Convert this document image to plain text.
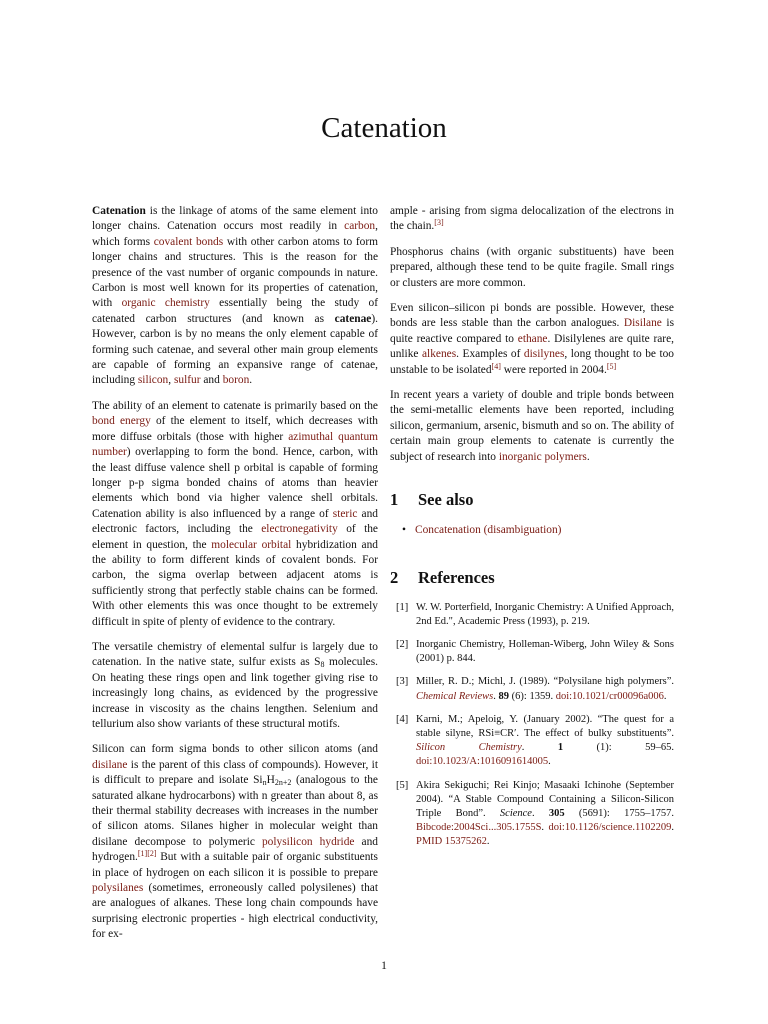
Catenation

Catenation is the linkage of atoms of the same element into longer chains. Catenation occurs most readily in carbon, which forms covalent bonds with other carbon atoms to form longer chains and structures. This is the reason for the presence of the vast number of organic compounds in nature. Carbon is most well known for its properties of catenation, with organic chemistry essentially being the study of catenated carbon structures (and known as catenae). However, carbon is by no means the only element capable of forming such catenae, and several other main group elements are capable of forming an expansive range of catenae, including silicon, sulfur and boron.

The ability of an element to catenate is primarily based on the bond energy of the element to itself, which decreases with more diffuse orbitals (those with higher azimuthal quantum number) overlapping to form the bond. Hence, carbon, with the least diffuse valence shell p orbital is capable of forming longer p-p sigma bonded chains of atoms than heavier elements which bond via higher valence shell orbitals. Catenation ability is also influenced by a range of steric and electronic factors, including the electronegativity of the element in question, the molecular orbital hybridization and the ability to form different kinds of covalent bonds. For carbon, the sigma overlap between adjacent atoms is sufficiently strong that perfectly stable chains can be formed. With other elements this was once thought to be extremely difficult in spite of plenty of evidence to the contrary.

The versatile chemistry of elemental sulfur is largely due to catenation. In the native state, sulfur exists as $S_8$ molecules. On heating these rings open and link together giving rise to increasingly long chains, as evidenced by the progressive increase in viscosity as the chains lengthen. Selenium and tellurium also show variants of these structural motifs.

Silicon can form sigma bonds to other silicon atoms (and disilane is the parent of this class of compounds). However, it is difficult to prepare and isolate $Si_nH_{2n+2}$ (analogous to the saturated alkane hydrocarbons) with n greater than about 8, as their thermal stability decreases with increases in the number of silicon atoms. Silanes higher in molecular weight than disilane decompose to polymeric polysilicon hydride and hydrogen.[1][2] But with a suitable pair of organic substituents in place of hydrogen on each silicon it is possible to prepare polysilanes (sometimes, erroneously called polysilenes) that are analogues of alkanes. These long chain compounds have surprising electronic properties - high electrical conductivity, for ex-

ample - arising from sigma delocalization of the electrons in the chain.[3]

Phosphorus chains (with organic substituents) have been prepared, although these tend to be quite fragile. Small rings or clusters are more common.

Even silicon–silicon pi bonds are possible. However, these bonds are less stable than the carbon analogues. Disilane is quite reactive compared to ethane. Disilylenes are quite rare, unlike alkenes. Examples of disilynes, long thought to be too unstable to be isolated[4] were reported in 2004.[5]

In recent years a variety of double and triple bonds between the semi-metallic elements have been reported, including silicon, germanium, arsenic, bismuth and so on. The ability of certain main group elements to catenate is currently the subject of research into inorganic polymers.

1 See also
• Concatenation (disambiguation)
2 References
[1] W. W. Porterfield, Inorganic Chemistry: A Unified Approach, 2nd Ed.", Academic Press (1993), p. 219.
[2] Inorganic Chemistry, Holleman-Wiberg, John Wiley & Sons (2001) p. 844.
[3] Miller, R. D.; Michl, J. (1989). “Polysilane high polymers”. Chemical Reviews. 89 (6): 1359. doi:10.1021/cr00096a006.
[4] Karni, M.; Apeloig, Y. (January 2002). “The quest for a stable silyne, RSi≡CR′. The effect of bulky substituents”. Silicon Chemistry. 1 (1): 59–65. doi:10.1023/A:1016091614005.
[5] Akira Sekiguchi; Rei Kinjo; Masaaki Ichinohe (September 2004). “A Stable Compound Containing a Silicon-Silicon Triple Bond”. Science. 305 (5691): 1755–1757. Bibcode:2004Sci...305.1755S. doi:10.1126/science.1102209. PMID 15375262.
1
